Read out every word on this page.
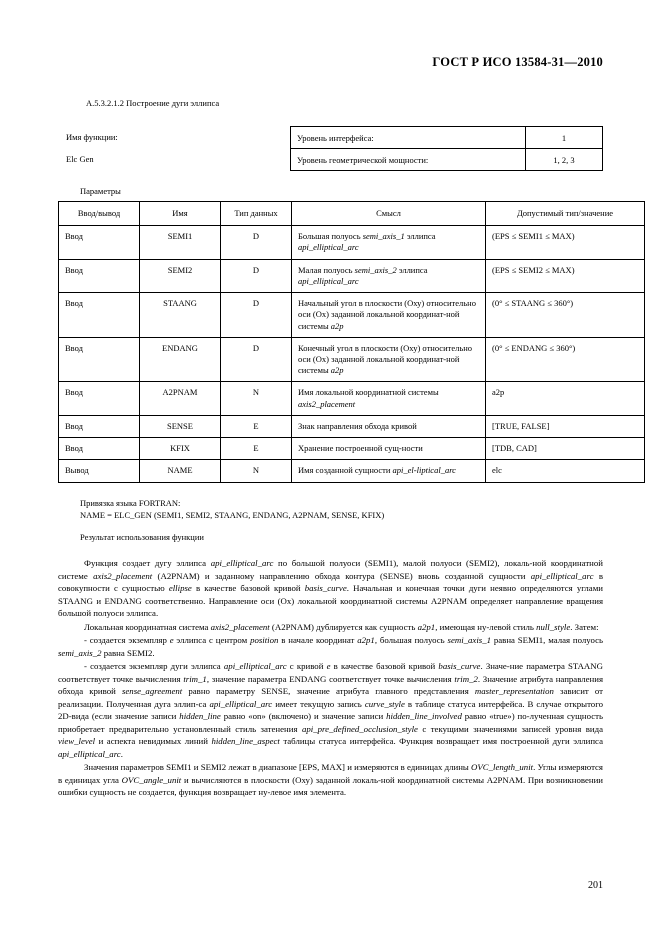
ГОСТ Р ИСО 13584-31—2010
А.5.3.2.1.2 Построение дуги эллипса
Имя функции:
Elc Gen
Уровень интерфейса:	1
Уровень геометрической мощности:	1, 2, 3
Параметры
Ввод/вывод	Имя	Тип данных	Смысл	Допустимый тип/значение
Ввод	SEMI1	D	Большая полуось semi_axis_1 эллипса api_elliptical_arc	(EPS ≤ SEMI1 ≤ MAX)
Ввод	SEMI2	D	Малая полуось semi_axis_2 эллипса api_elliptical_arc	(EPS ≤ SEMI2 ≤ MAX)
Ввод	STAANG	D	Начальный угол в плоскости (Оху) относительно оси (Ох) заданной локальной координат-ной системы a2p	(0° ≤ STAANG ≤ 360°)
Ввод	ENDANG	D	Конечный угол в плоскости (Оху) относительно оси (Ох) заданной локальной координат-ной системы a2p	(0° ≤ ENDANG ≤ 360°)
Ввод	A2PNAM	N	Имя локальной координатной системы axis2_placement	a2p
Ввод	SENSE	E	Знак направления обхода кривой	[TRUE, FALSE]
Ввод	KFIX	E	Хранение построенной сущ-ности	[TDB, CAD]
Вывод	NAME	N	Имя созданной сущности api_el-liptical_arc	elc
Привязка языка FORTRAN:
NAME = ELC_GEN (SEMI1, SEMI2, STAANG, ENDANG, A2PNAM, SENSE, KFIX)
Результат использования функции

Функция создает дугу эллипса api_elliptical_arc по большой полуоси (SEMI1), малой полуоси (SEMI2), локаль-ной координатной системе axis2_placement (A2PNAM) и заданному направлению обхода контура (SENSE) вновь созданной сущности api_elliptical_arc в совокупности с сущностью ellipse в качестве базовой кривой basis_curve. Начальная и конечная точки дуги неявно определяются углами STAANG и ENDANG соответственно. Направление оси (Ох) локальной координатной системы A2PNAM определяет направление вращения большой полуоси эллипса.

Локальная координатная система axis2_placement (A2PNAM) дублируется как сущность a2p1, имеющая ну-левой стиль null_style. Затем:

- создается экземпляр e эллипса с центром position в начале координат a2p1, большая полуось semi_axis_1 равна SEMI1, малая полуось semi_axis_2 равна SEMI2.

- создается экземпляр дуги эллипса api_elliptical_arc с кривой e в качестве базовой кривой basis_curve. Значе-ние параметра STAANG соответствует точке вычисления trim_1, значение параметра ENDANG соответствует точке вычисления trim_2. Значение атрибута направления обхода кривой sense_agreement равно параметру SENSE, значение атрибута главного представления master_representation зависит от реализации. Полученная дуга эллип-са api_elliptical_arc имеет текущую запись curve_style в таблице статуса интерфейса. В случае открытого 2D-вида (если значение записи hidden_line равно «on» (включено) и значение записи hidden_line_involved равно «true») по-лученная сущность приобретает предварительно установленный стиль затенения api_pre_defined_occlusion_style с текущими значениями записей уровня вида view_level и аспекта невидимых линий hidden_line_aspect таблицы статуса интерфейса. Функция возвращает имя построенной дуги эллипса api_elliptical_arc.

Значения параметров SEMI1 и SEMI2 лежат в диапазоне [EPS, MAX] и измеряются в единицах длины OVC_length_unit. Углы измеряются в единицах угла OVC_angle_unit и вычисляются в плоскости (Оху) заданной локаль-ной координатной системы A2PNAM. При возникновении ошибки сущность не создается, функция возвращает ну-левое имя элемента.

201
